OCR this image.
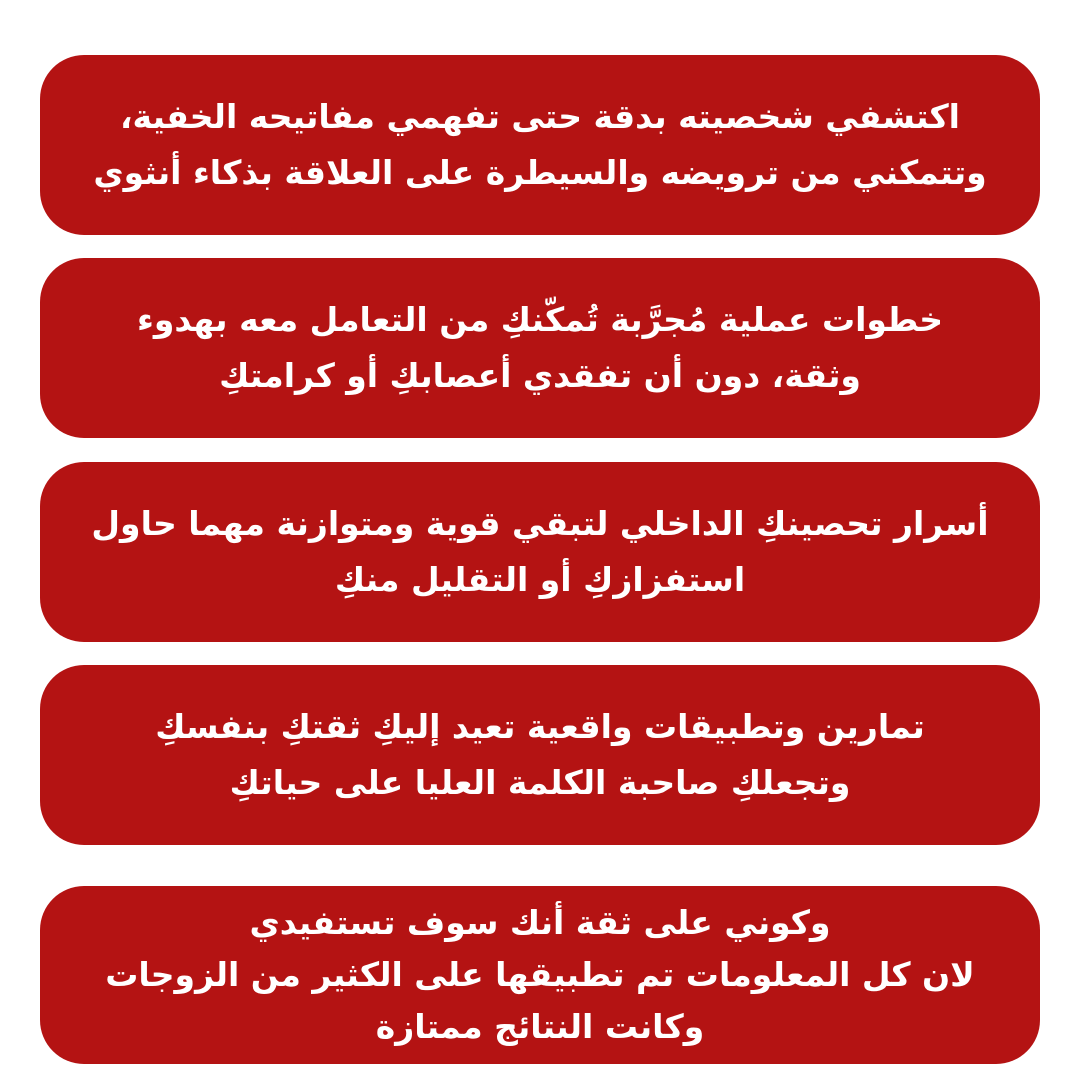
اكتشفي شخصيته بدقة حتى تفهمي مفاتيحه الخفية،
وتتمكني من ترويضه والسيطرة على العلاقة بذكاء أنثوي
خطوات عملية مُجرَّبة تُمكّنكِ من التعامل معه بهدوء
وثقة، دون أن تفقدي أعصابكِ أو كرامتكِ
أسرار تحصينكِ الداخلي لتبقي قوية ومتوازنة مهما حاول
استفزازكِ أو التقليل منكِ
تمارين وتطبيقات واقعية تعيد إليكِ ثقتكِ بنفسكِ
وتجعلكِ صاحبة الكلمة العليا على حياتكِ
وكوني على ثقة أنك سوف تستفيدي
لان كل المعلومات تم تطبيقها على الكثير من الزوجات
وكانت النتائج ممتازة
